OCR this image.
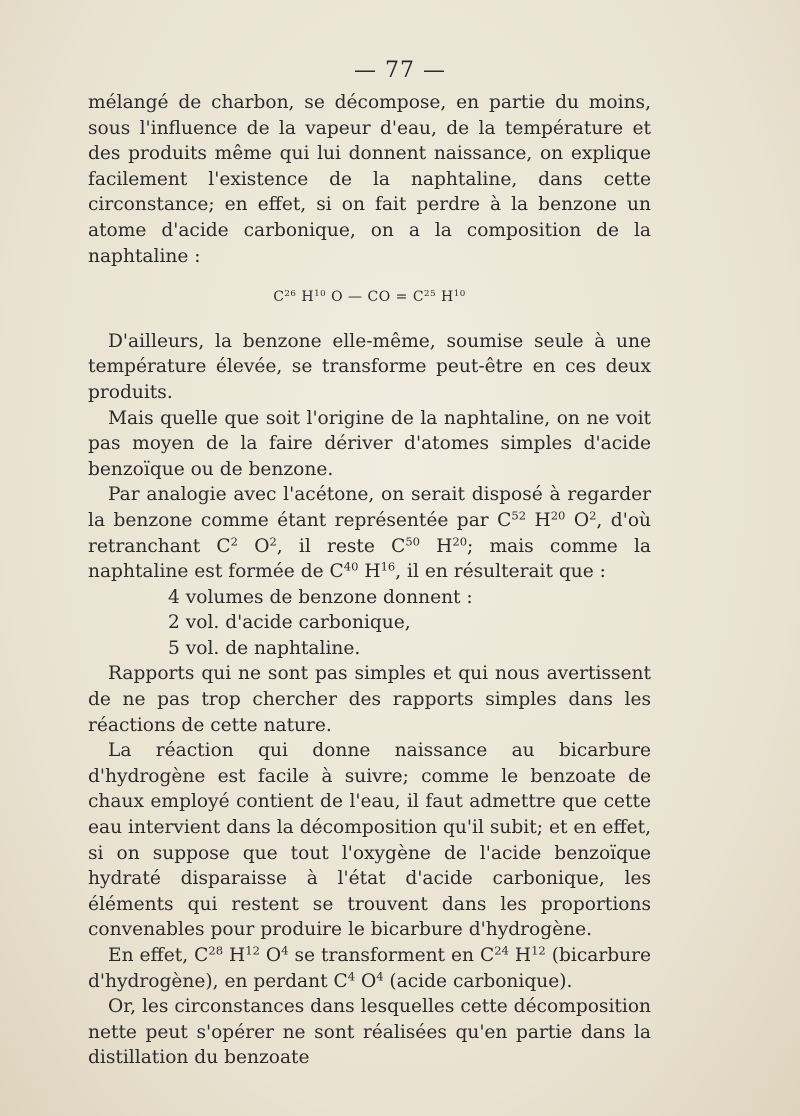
— 77 —

mélangé de charbon, se décompose, en partie du moins, sous l'influence de la vapeur d'eau, de la température et des produits même qui lui donnent naissance, on explique facilement l'existence de la naphtaline, dans cette circonstance; en effet, si on fait perdre à la benzone un atome d'acide carbonique, on a la composition de la naphtaline :

$C^{26}$ $H^{10}$ O — CO = $C^{25}$ $H^{10}$

D'ailleurs, la benzone elle-même, soumise seule à une température élevée, se transforme peut-être en ces deux produits.

Mais quelle que soit l'origine de la naphtaline, on ne voit pas moyen de la faire dériver d'atomes simples d'acide benzoïque ou de benzone.

Par analogie avec l'acétone, on serait disposé à regarder la benzone comme étant représentée par $C^{52}$ $H^{20}$ $O^2$, d'où retranchant $C^2$ $O^2$, il reste $C^{50}$ $H^{20}$; mais comme la naphtaline est formée de $C^{40}$ $H^{16}$, il en résulterait que :

4 volumes de benzone donnent :
2 vol. d'acide carbonique,
5 vol. de naphtaline.

Rapports qui ne sont pas simples et qui nous avertissent de ne pas trop chercher des rapports simples dans les réactions de cette nature.

La réaction qui donne naissance au bicarbure d'hydrogène est facile à suivre; comme le benzoate de chaux employé contient de l'eau, il faut admettre que cette eau intervient dans la décomposition qu'il subit; et en effet, si on suppose que tout l'oxygène de l'acide benzoïque hydraté disparaisse à l'état d'acide carbonique, les éléments qui restent se trouvent dans les proportions convenables pour produire le bicarbure d'hydrogène.

En effet, $C^{28}$ $H^{12}$ $O^4$ se transforment en $C^{24}$ $H^{12}$ (bicarbure d'hydrogène), en perdant $C^4$ $O^4$ (acide carbonique).

Or, les circonstances dans lesquelles cette décomposition nette peut s'opérer ne sont réalisées qu'en partie dans la distillation du benzoate
